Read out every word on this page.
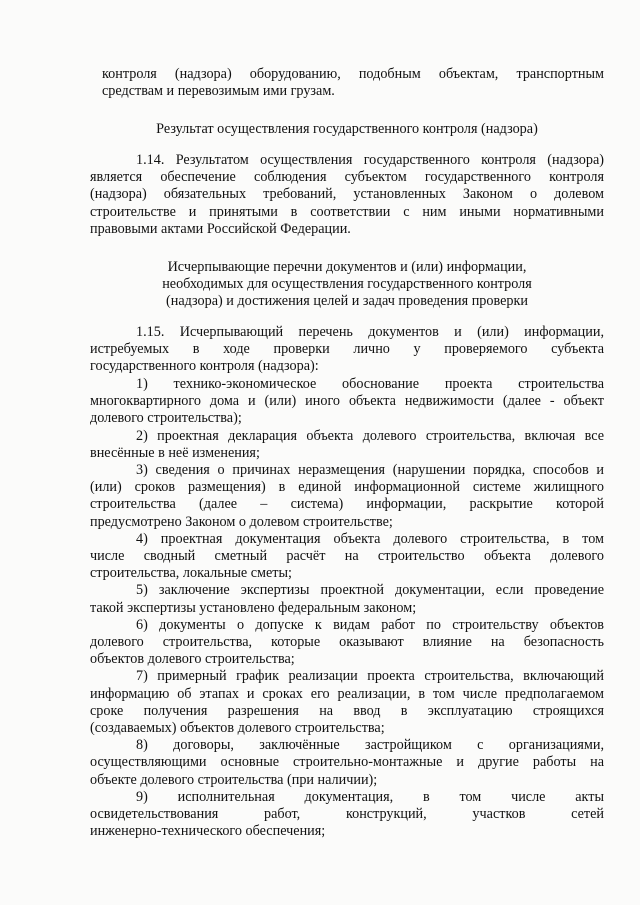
контроля (надзора) оборудованию, подобным объектам, транспортным
средствам и перевозимым ими грузам.
Результат осуществления государственного контроля (надзора)
1.14. Результатом осуществления государственного контроля (надзора)
является обеспечение соблюдения субъектом государственного контроля
(надзора) обязательных требований, установленных Законом о долевом
строительстве и принятыми в соответствии с ним иными нормативными
правовыми актами Российской Федерации.
Исчерпывающие перечни документов и (или) информации,
необходимых для осуществления государственного контроля
(надзора) и достижения целей и задач проведения проверки
1.15. Исчерпывающий перечень документов и (или) информации,
истребуемых в ходе проверки лично у проверяемого субъекта
государственного контроля (надзора):
1) технико-экономическое обоснование проекта строительства
многоквартирного дома и (или) иного объекта недвижимости (далее - объект
долевого строительства);
2) проектная декларация объекта долевого строительства, включая все
внесённые в неё изменения;
3) сведения о причинах неразмещения (нарушении порядка, способов и
(или) сроков размещения) в единой информационной системе жилищного
строительства (далее – система) информации, раскрытие которой
предусмотрено Законом о долевом строительстве;
4) проектная документация объекта долевого строительства, в том
числе сводный сметный расчёт на строительство объекта долевого
строительства, локальные сметы;
5) заключение экспертизы проектной документации, если проведение
такой экспертизы установлено федеральным законом;
6) документы о допуске к видам работ по строительству объектов
долевого строительства, которые оказывают влияние на безопасность
объектов долевого строительства;
7) примерный график реализации проекта строительства, включающий
информацию об этапах и сроках его реализации, в том числе предполагаемом
сроке получения разрешения на ввод в эксплуатацию строящихся
(создаваемых) объектов долевого строительства;
8) договоры, заключённые застройщиком с организациями,
осуществляющими основные строительно-монтажные и другие работы на
объекте долевого строительства (при наличии);
9) исполнительная документация, в том числе акты
освидетельствования работ, конструкций, участков сетей
инженерно-технического обеспечения;
